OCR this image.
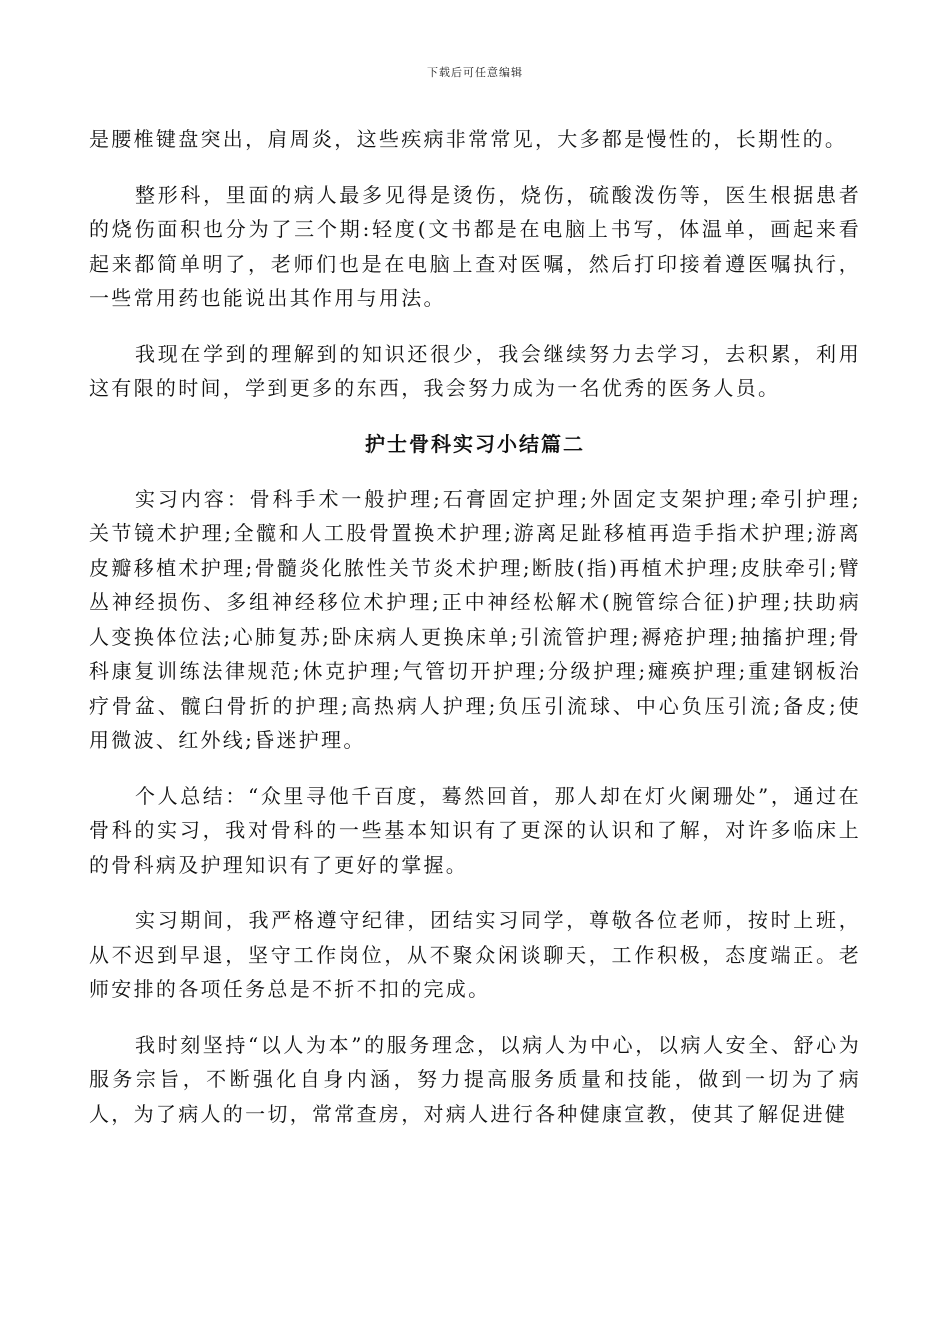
下载后可任意编辑

是腰椎键盘突出，肩周炎，这些疾病非常常见，大多都是慢性的，长期性的。

整形科，里面的病人最多见得是烫伤，烧伤，硫酸泼伤等，医生根据患者的烧伤面积也分为了三个期:轻度(文书都是在电脑上书写，体温单，画起来看起来都简单明了，老师们也是在电脑上查对医嘱，然后打印接着遵医嘱执行，一些常用药也能说出其作用与用法。

我现在学到的理解到的知识还很少，我会继续努力去学习，去积累，利用这有限的时间，学到更多的东西，我会努力成为一名优秀的医务人员。

护士骨科实习小结篇二

实习内容：骨科手术一般护理;石膏固定护理;外固定支架护理;牵引护理;关节镜术护理;全髋和人工股骨置换术护理;游离足趾移植再造手指术护理;游离皮瓣移植术护理;骨髓炎化脓性关节炎术护理;断肢(指)再植术护理;皮肤牵引;臂丛神经损伤、多组神经移位术护理;正中神经松解术(腕管综合征)护理;扶助病人变换体位法;心肺复苏;卧床病人更换床单;引流管护理;褥疮护理;抽搐护理;骨科康复训练法律规范;休克护理;气管切开护理;分级护理;瘫痪护理;重建钢板治疗骨盆、髋臼骨折的护理;高热病人护理;负压引流球、中心负压引流;备皮;使用微波、红外线;昏迷护理。

个人总结：“众里寻他千百度，蓦然回首，那人却在灯火阑珊处”，通过在骨科的实习，我对骨科的一些基本知识有了更深的认识和了解，对许多临床上的骨科病及护理知识有了更好的掌握。

实习期间，我严格遵守纪律，团结实习同学，尊敬各位老师，按时上班，从不迟到早退，坚守工作岗位，从不聚众闲谈聊天，工作积极，态度端正。老师安排的各项任务总是不折不扣的完成。

我时刻坚持“以人为本”的服务理念，以病人为中心，以病人安全、舒心为服务宗旨，不断强化自身内涵，努力提高服务质量和技能，做到一切为了病人，为了病人的一切，常常查房，对病人进行各种健康宣教，使其了解促进健
